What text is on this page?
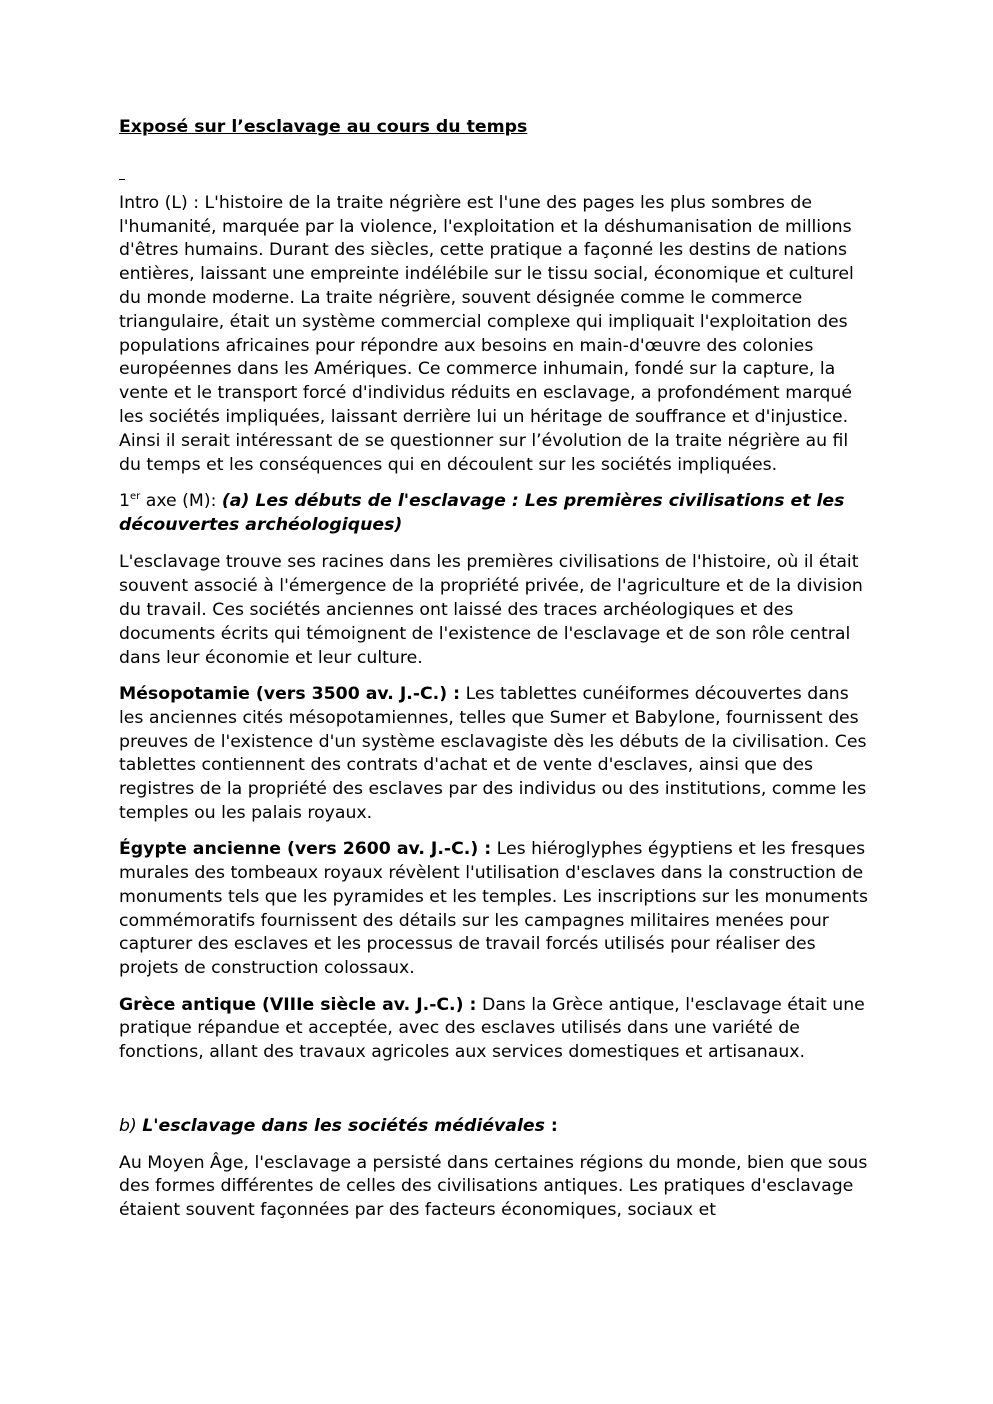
Exposé sur l’esclavage au cours du temps

Intro (L) : L'histoire de la traite négrière est l'une des pages les plus sombres de l'humanité, marquée par la violence, l'exploitation et la déshumanisation de millions d'êtres humains. Durant des siècles, cette pratique a façonné les destins de nations entières, laissant une empreinte indélébile sur le tissu social, économique et culturel du monde moderne. La traite négrière, souvent désignée comme le commerce triangulaire, était un système commercial complexe qui impliquait l'exploitation des populations africaines pour répondre aux besoins en main-d'œuvre des colonies européennes dans les Amériques. Ce commerce inhumain, fondé sur la capture, la vente et le transport forcé d'individus réduits en esclavage, a profondément marqué les sociétés impliquées, laissant derrière lui un héritage de souffrance et d'injustice. Ainsi il serait intéressant de se questionner sur l’évolution de la traite négrière au fil du temps et les conséquences qui en découlent sur les sociétés impliquées.

1er axe (M): (a) Les débuts de l'esclavage : Les premières civilisations et les découvertes archéologiques)

L'esclavage trouve ses racines dans les premières civilisations de l'histoire, où il était souvent associé à l'émergence de la propriété privée, de l'agriculture et de la division du travail. Ces sociétés anciennes ont laissé des traces archéologiques et des documents écrits qui témoignent de l'existence de l'esclavage et de son rôle central dans leur économie et leur culture.

Mésopotamie (vers 3500 av. J.-C.) : Les tablettes cunéiformes découvertes dans les anciennes cités mésopotamiennes, telles que Sumer et Babylone, fournissent des preuves de l'existence d'un système esclavagiste dès les débuts de la civilisation. Ces tablettes contiennent des contrats d'achat et de vente d'esclaves, ainsi que des registres de la propriété des esclaves par des individus ou des institutions, comme les temples ou les palais royaux.

Égypte ancienne (vers 2600 av. J.-C.) : Les hiéroglyphes égyptiens et les fresques murales des tombeaux royaux révèlent l'utilisation d'esclaves dans la construction de monuments tels que les pyramides et les temples. Les inscriptions sur les monuments commémoratifs fournissent des détails sur les campagnes militaires menées pour capturer des esclaves et les processus de travail forcés utilisés pour réaliser des projets de construction colossaux.

Grèce antique (VIIIe siècle av. J.-C.) : Dans la Grèce antique, l'esclavage était une pratique répandue et acceptée, avec des esclaves utilisés dans une variété de fonctions, allant des travaux agricoles aux services domestiques et artisanaux.

b) L'esclavage dans les sociétés médiévales :

Au Moyen Âge, l'esclavage a persisté dans certaines régions du monde, bien que sous des formes différentes de celles des civilisations antiques. Les pratiques d'esclavage étaient souvent façonnées par des facteurs économiques, sociaux et
